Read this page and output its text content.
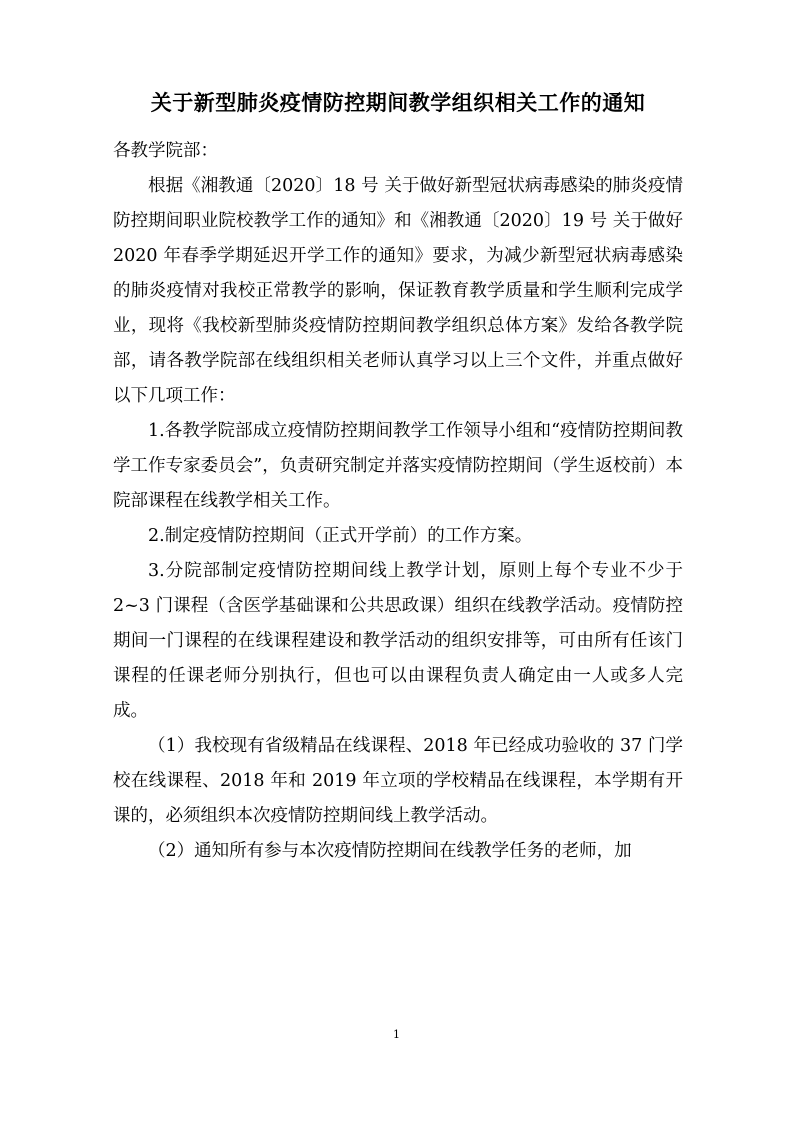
关于新型肺炎疫情防控期间教学组织相关工作的通知

各教学院部：

根据《湘教通〔2020〕18 号 关于做好新型冠状病毒感染的肺炎疫情防控期间职业院校教学工作的通知》和《湘教通〔2020〕19 号 关于做好 2020 年春季学期延迟开学工作的通知》要求，为减少新型冠状病毒感染的肺炎疫情对我校正常教学的影响，保证教育教学质量和学生顺利完成学业，现将《我校新型肺炎疫情防控期间教学组织总体方案》发给各教学院部，请各教学院部在线组织相关老师认真学习以上三个文件，并重点做好以下几项工作：

1.各教学院部成立疫情防控期间教学工作领导小组和“疫情防控期间教学工作专家委员会”，负责研究制定并落实疫情防控期间（学生返校前）本院部课程在线教学相关工作。

2.制定疫情防控期间（正式开学前）的工作方案。

3.分院部制定疫情防控期间线上教学计划，原则上每个专业不少于 2~3 门课程（含医学基础课和公共思政课）组织在线教学活动。疫情防控期间一门课程的在线课程建设和教学活动的组织安排等，可由所有任该门课程的任课老师分别执行，但也可以由课程负责人确定由一人或多人完成。

（1）我校现有省级精品在线课程、2018 年已经成功验收的 37 门学校在线课程、2018 年和 2019 年立项的学校精品在线课程，本学期有开课的，必须组织本次疫情防控期间线上教学活动。

（2）通知所有参与本次疫情防控期间在线教学任务的老师，加

1
